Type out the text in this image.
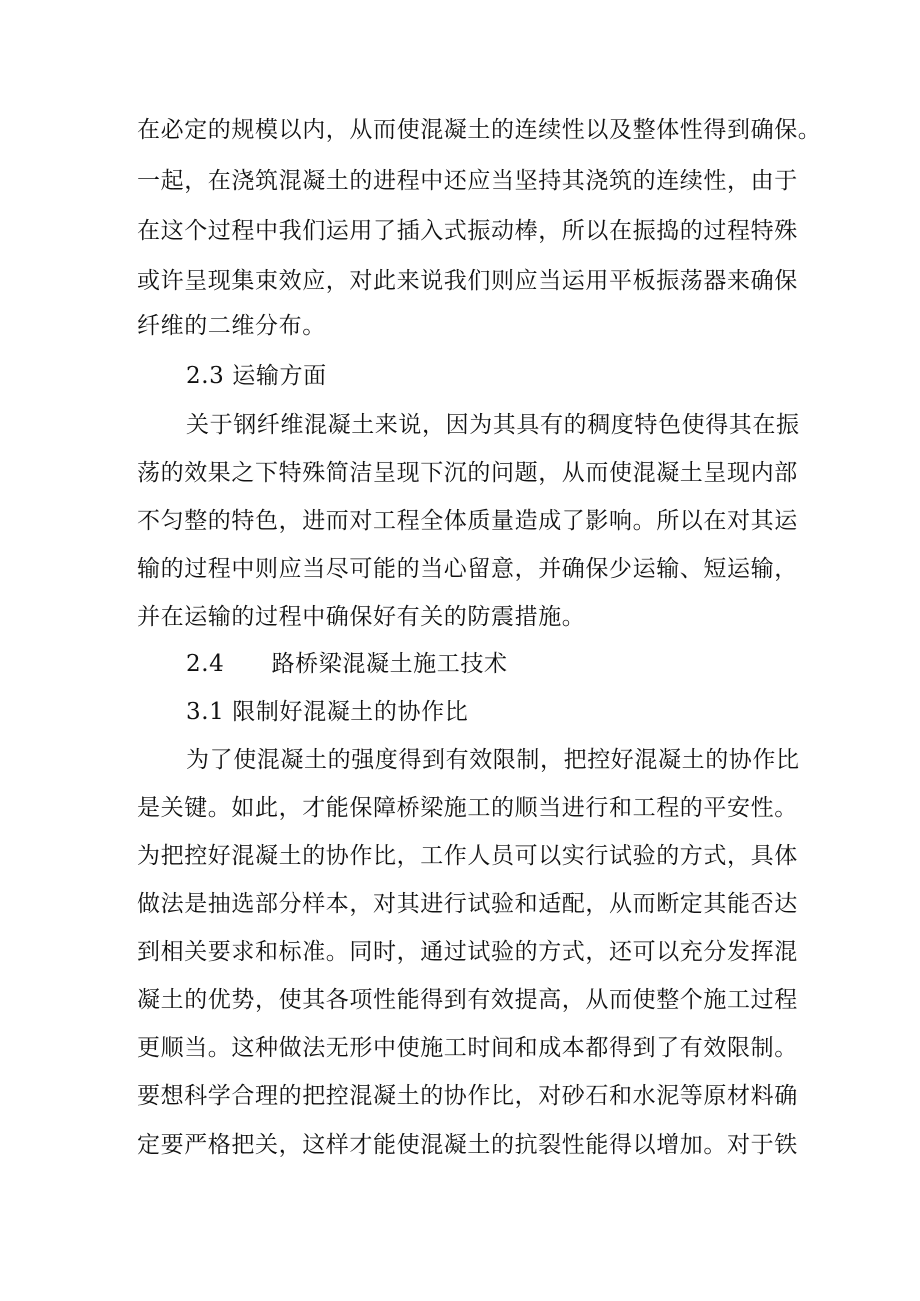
在必定的规模以内，从而使混凝土的连续性以及整体性得到确保。
一起，在浇筑混凝土的进程中还应当坚持其浇筑的连续性，由于
在这个过程中我们运用了插入式振动棒，所以在振捣的过程特殊
或许呈现集束效应，对此来说我们则应当运用平板振荡器来确保
纤维的二维分布。
2.3 运输方面
关于钢纤维混凝土来说，因为其具有的稠度特色使得其在振
荡的效果之下特殊简洁呈现下沉的问题，从而使混凝土呈现内部
不匀整的特色，进而对工程全体质量造成了影响。所以在对其运
输的过程中则应当尽可能的当心留意，并确保少运输、短运输，
并在运输的过程中确保好有关的防震措施。
2.4　　路桥梁混凝土施工技术
3.1 限制好混凝土的协作比
为了使混凝土的强度得到有效限制，把控好混凝土的协作比
是关键。如此，才能保障桥梁施工的顺当进行和工程的平安性。
为把控好混凝土的协作比，工作人员可以实行试验的方式，具体
做法是抽选部分样本，对其进行试验和适配，从而断定其能否达
到相关要求和标准。同时，通过试验的方式，还可以充分发挥混
凝土的优势，使其各项性能得到有效提高，从而使整个施工过程
更顺当。这种做法无形中使施工时间和成本都得到了有效限制。
要想科学合理的把控混凝土的协作比，对砂石和水泥等原材料确
定要严格把关，这样才能使混凝土的抗裂性能得以增加。对于铁
